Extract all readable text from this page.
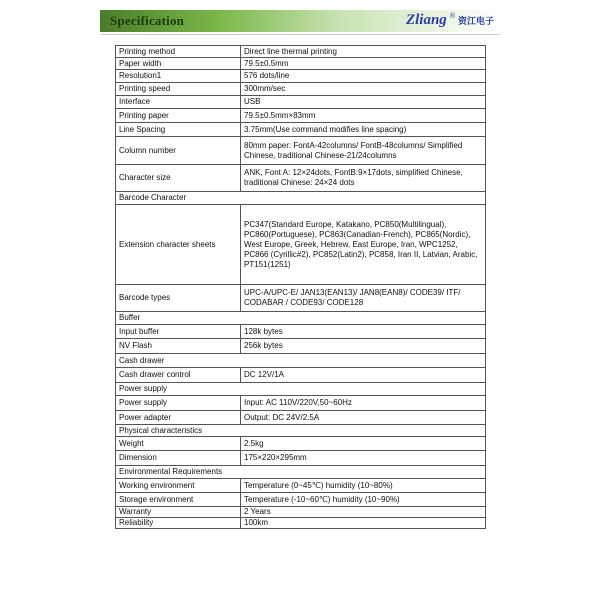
Specification	Zliang ® 资江电子
Printing method	Direct line thermal printing
Paper width	79.5±0.5mm
Resolution1	576 dots/line
Printing speed	300mm/sec
Interface	USB
Printing paper	79.5±0.5mm×83mm
Line Spacing	3.75mm(Use command modifies line spacing)
Column number	80mm paper: FontA-42columns/ FontB-48columns/ Simplified Chinese, traditional Chinese-21/24columns
Character size	ANK, Font A: 12×24dots, FontB:9×17dots, simplified Chinese, traditional Chinese: 24×24 dots
Barcode Character	
Extension character sheets	PC347(Standard Europe, Katakano, PC850(Multilingual), PC860(Portuguese), PC863(Canadian-French), PC865(Nordic), West Europe, Greek, Hebrew, East Europe, Iran, WPC1252, PC866 (Cyrillic#2), PC852(Latin2), PC858, Iran II, Latvian, Arabic, PT151(1251)
Barcode types	UPC-A/UPC-E/ JAN13(EAN13)/ JAN8(EAN8)/ CODE39/ ITF/ CODABAR / CODE93/ CODE128
Buffer	
Input buffer	128k bytes
NV Flash	256k bytes
Cash drawer	
Cash drawer control	DC 12V/1A
Power supply	
Power supply	Input: AC 110V/220V,50~60Hz
Power adapter	Output: DC 24V/2.5A
Physical characteristics	
Weight	2.5kg
Dimension	175×220×295mm
Environmental Requirements	
Working environment	Temperature (0~45℃) humidity (10~80%)
Storage environment	Temperature (-10~60℃) humidity (10~90%)
Warranty	2 Years
Reliability	100km
